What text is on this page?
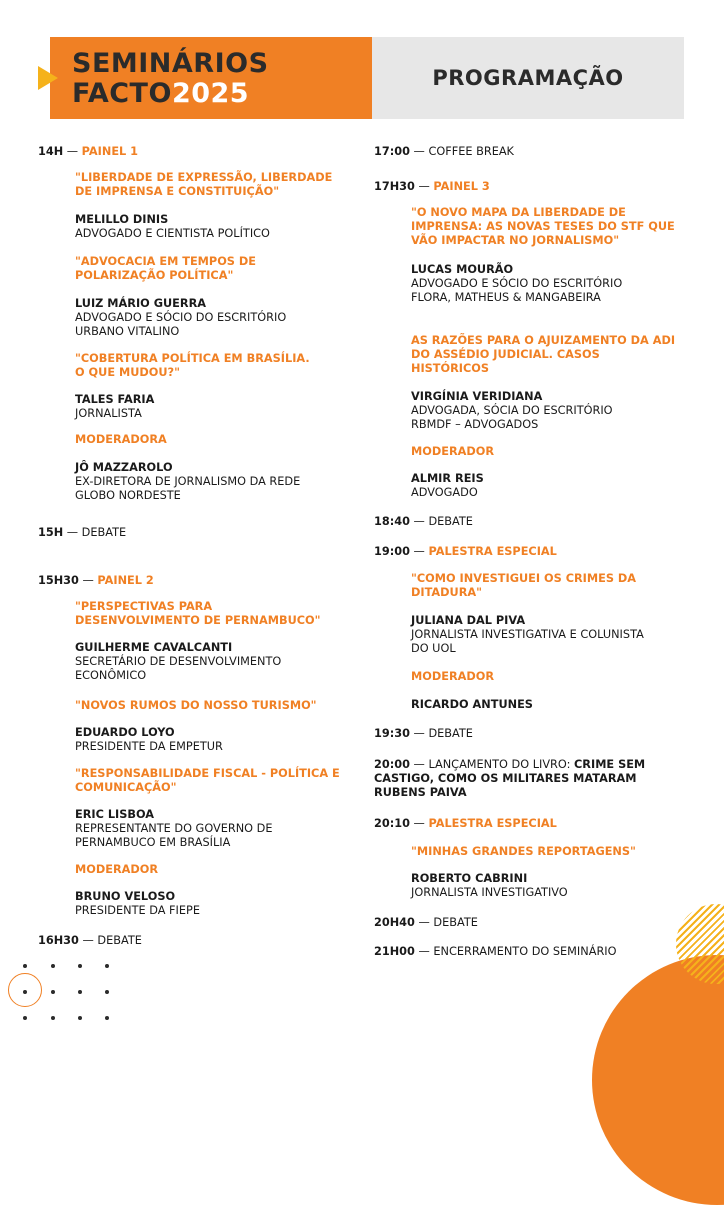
SEMINÁRIOS
FACTO2025	PROGRAMAÇÃO
14H — PAINEL 1
"LIBERDADE DE EXPRESSÃO, LIBERDADE
DE IMPRENSA E CONSTITUIÇÃO"
MELILLO DINIS
ADVOGADO E CIENTISTA POLÍTICO
"ADVOCACIA EM TEMPOS DE
POLARIZAÇÃO POLÍTICA"
LUIZ MÁRIO GUERRA
ADVOGADO E SÓCIO DO ESCRITÓRIO
URBANO VITALINO
"COBERTURA POLÍTICA EM BRASÍLIA.
O QUE MUDOU?"
TALES FARIA
JORNALISTA
MODERADORA
JÔ MAZZAROLO
EX-DIRETORA DE JORNALISMO DA REDE
GLOBO NORDESTE
15H — DEBATE
15H30 — PAINEL 2
"PERSPECTIVAS PARA
DESENVOLVIMENTO DE PERNAMBUCO"
GUILHERME CAVALCANTI
SECRETÁRIO DE DESENVOLVIMENTO
ECONÔMICO
"NOVOS RUMOS DO NOSSO TURISMO"
EDUARDO LOYO
PRESIDENTE DA EMPETUR
"RESPONSABILIDADE FISCAL - POLÍTICA E
COMUNICAÇÃO"
ERIC LISBOA
REPRESENTANTE DO GOVERNO DE
PERNAMBUCO EM BRASÍLIA
MODERADOR
BRUNO VELOSO
PRESIDENTE DA FIEPE
16H30 — DEBATE
17:00 — COFFEE BREAK
17H30 — PAINEL 3
"O NOVO MAPA DA LIBERDADE DE
IMPRENSA: AS NOVAS TESES DO STF QUE
VÃO IMPACTAR NO JORNALISMO"
LUCAS MOURÃO
ADVOGADO E SÓCIO DO ESCRITÓRIO
FLORA, MATHEUS & MANGABEIRA
AS RAZÕES PARA O AJUIZAMENTO DA ADI
DO ASSÉDIO JUDICIAL. CASOS
HISTÓRICOS
VIRGÍNIA VERIDIANA
ADVOGADA, SÓCIA DO ESCRITÓRIO
RBMDF – ADVOGADOS
MODERADOR
ALMIR REIS
ADVOGADO
18:40 — DEBATE
19:00 — PALESTRA ESPECIAL
"COMO INVESTIGUEI OS CRIMES DA
DITADURA"
JULIANA DAL PIVA
JORNALISTA INVESTIGATIVA E COLUNISTA
DO UOL
MODERADOR
RICARDO ANTUNES
19:30 — DEBATE
20:00 — LANÇAMENTO DO LIVRO: CRIME SEM
CASTIGO, COMO OS MILITARES MATARAM
RUBENS PAIVA
20:10 — PALESTRA ESPECIAL
"MINHAS GRANDES REPORTAGENS"
ROBERTO CABRINI
JORNALISTA INVESTIGATIVO
20H40 — DEBATE
21H00 — ENCERRAMENTO DO SEMINÁRIO
